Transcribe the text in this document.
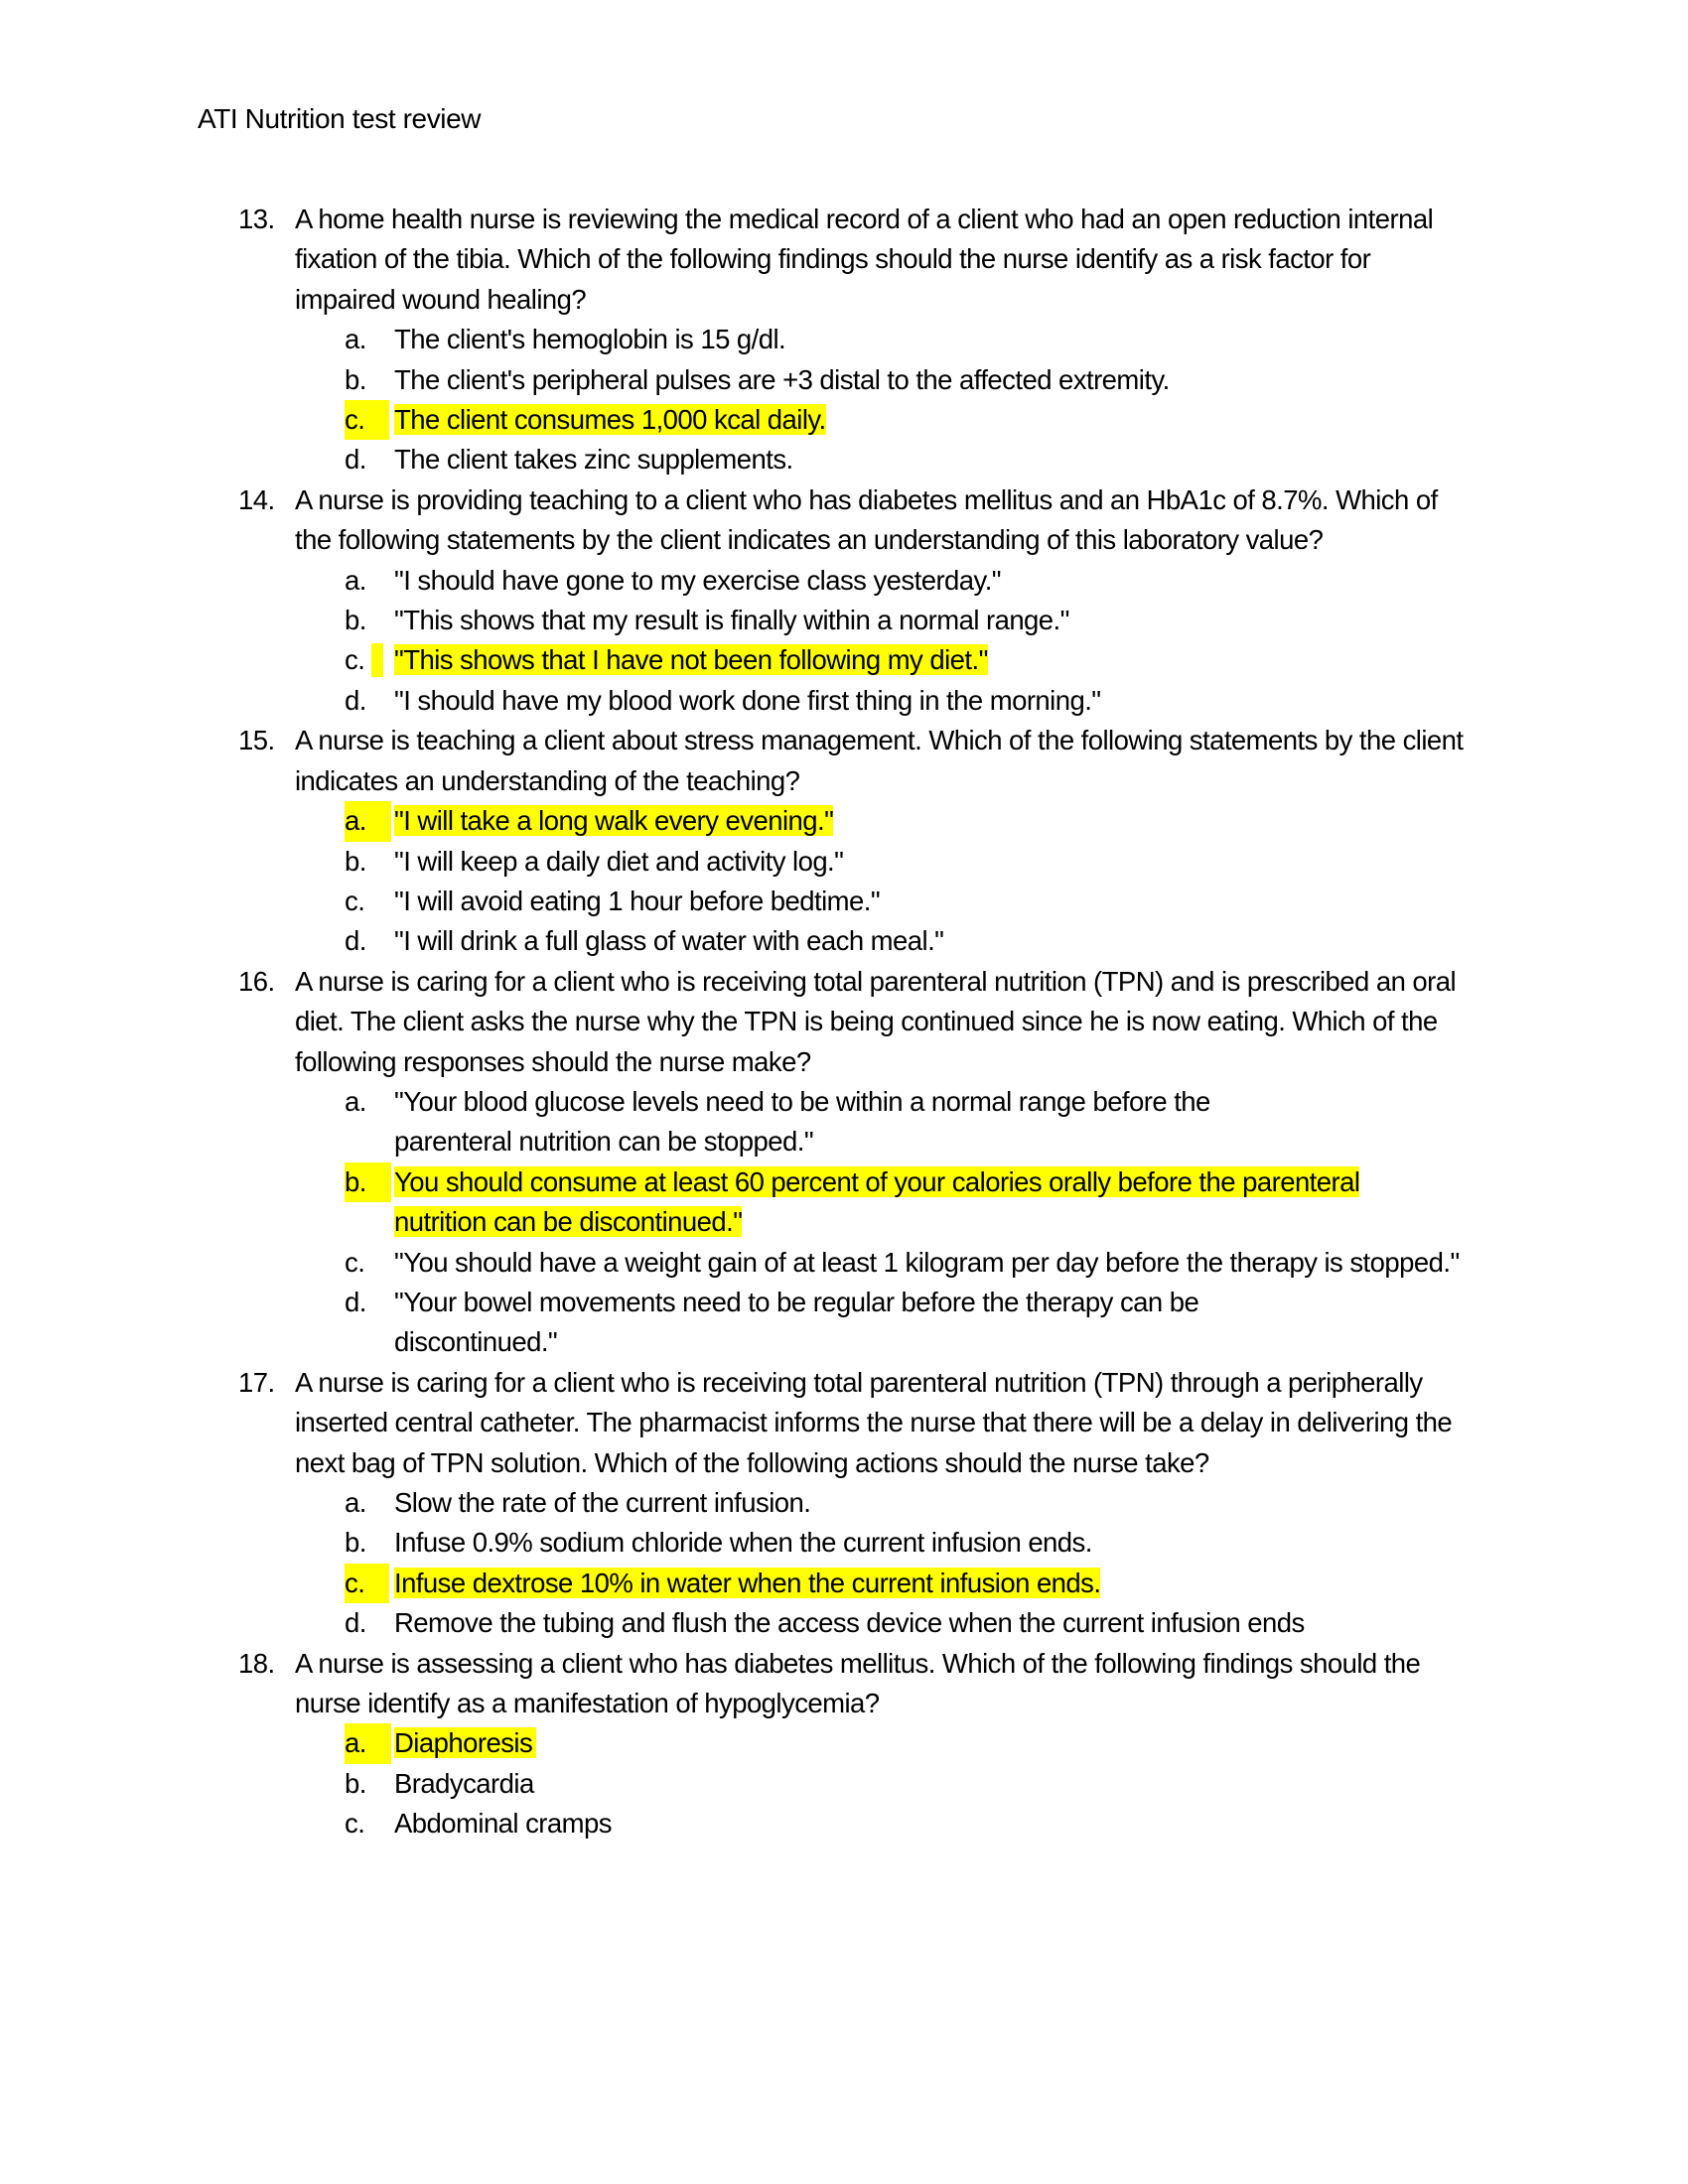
ATI Nutrition test review
13. A home health nurse is reviewing the medical record of a client who had an open reduction internal fixation of the tibia. Which of the following findings should the nurse identify as a risk factor for impaired wound healing?
a. The client's hemoglobin is 15 g/dl.
b. The client's peripheral pulses are +3 distal to the affected extremity.
c.	The client consumes 1,000 kcal daily.
d. The client takes zinc supplements.
14. A nurse is providing teaching to a client who has diabetes mellitus and an HbA1c of 8.7%. Which of the following statements by the client indicates an understanding of this laboratory value?
a. "I should have gone to my exercise class yesterday."
b. "This shows that my result is finally within a normal range."
c. "This shows that I have not been following my diet."
d. "I should have my blood work done first thing in the morning."
15. A nurse is teaching a client about stress management. Which of the following statements by the client indicates an understanding of the teaching?
a.	"I will take a long walk every evening."
b. "I will keep a daily diet and activity log."
c. "I will avoid eating 1 hour before bedtime."
d. "I will drink a full glass of water with each meal."
16. A nurse is caring for a client who is receiving total parenteral nutrition (TPN) and is prescribed an oral diet. The client asks the nurse why the TPN is being continued since he is now eating. Which of the following responses should the nurse make?
a. "Your blood glucose levels need to be within a normal range before the parenteral nutrition can be stopped."
b.	You should consume at least 60 percent of your calories orally before the parenteral nutrition can be discontinued."
c. "You should have a weight gain of at least 1 kilogram per day before the therapy is stopped."
d. "Your bowel movements need to be regular before the therapy can be discontinued."
17. A nurse is caring for a client who is receiving total parenteral nutrition (TPN) through a peripherally inserted central catheter. The pharmacist informs the nurse that there will be a delay in delivering the next bag of TPN solution. Which of the following actions should the nurse take?
a. Slow the rate of the current infusion.
b. Infuse 0.9% sodium chloride when the current infusion ends.
c.	Infuse dextrose 10% in water when the current infusion ends.
d. Remove the tubing and flush the access device when the current infusion ends
18. A nurse is assessing a client who has diabetes mellitus. Which of the following findings should the nurse identify as a manifestation of hypoglycemia?
a.	Diaphoresis
b. Bradycardia
c. Abdominal cramps
